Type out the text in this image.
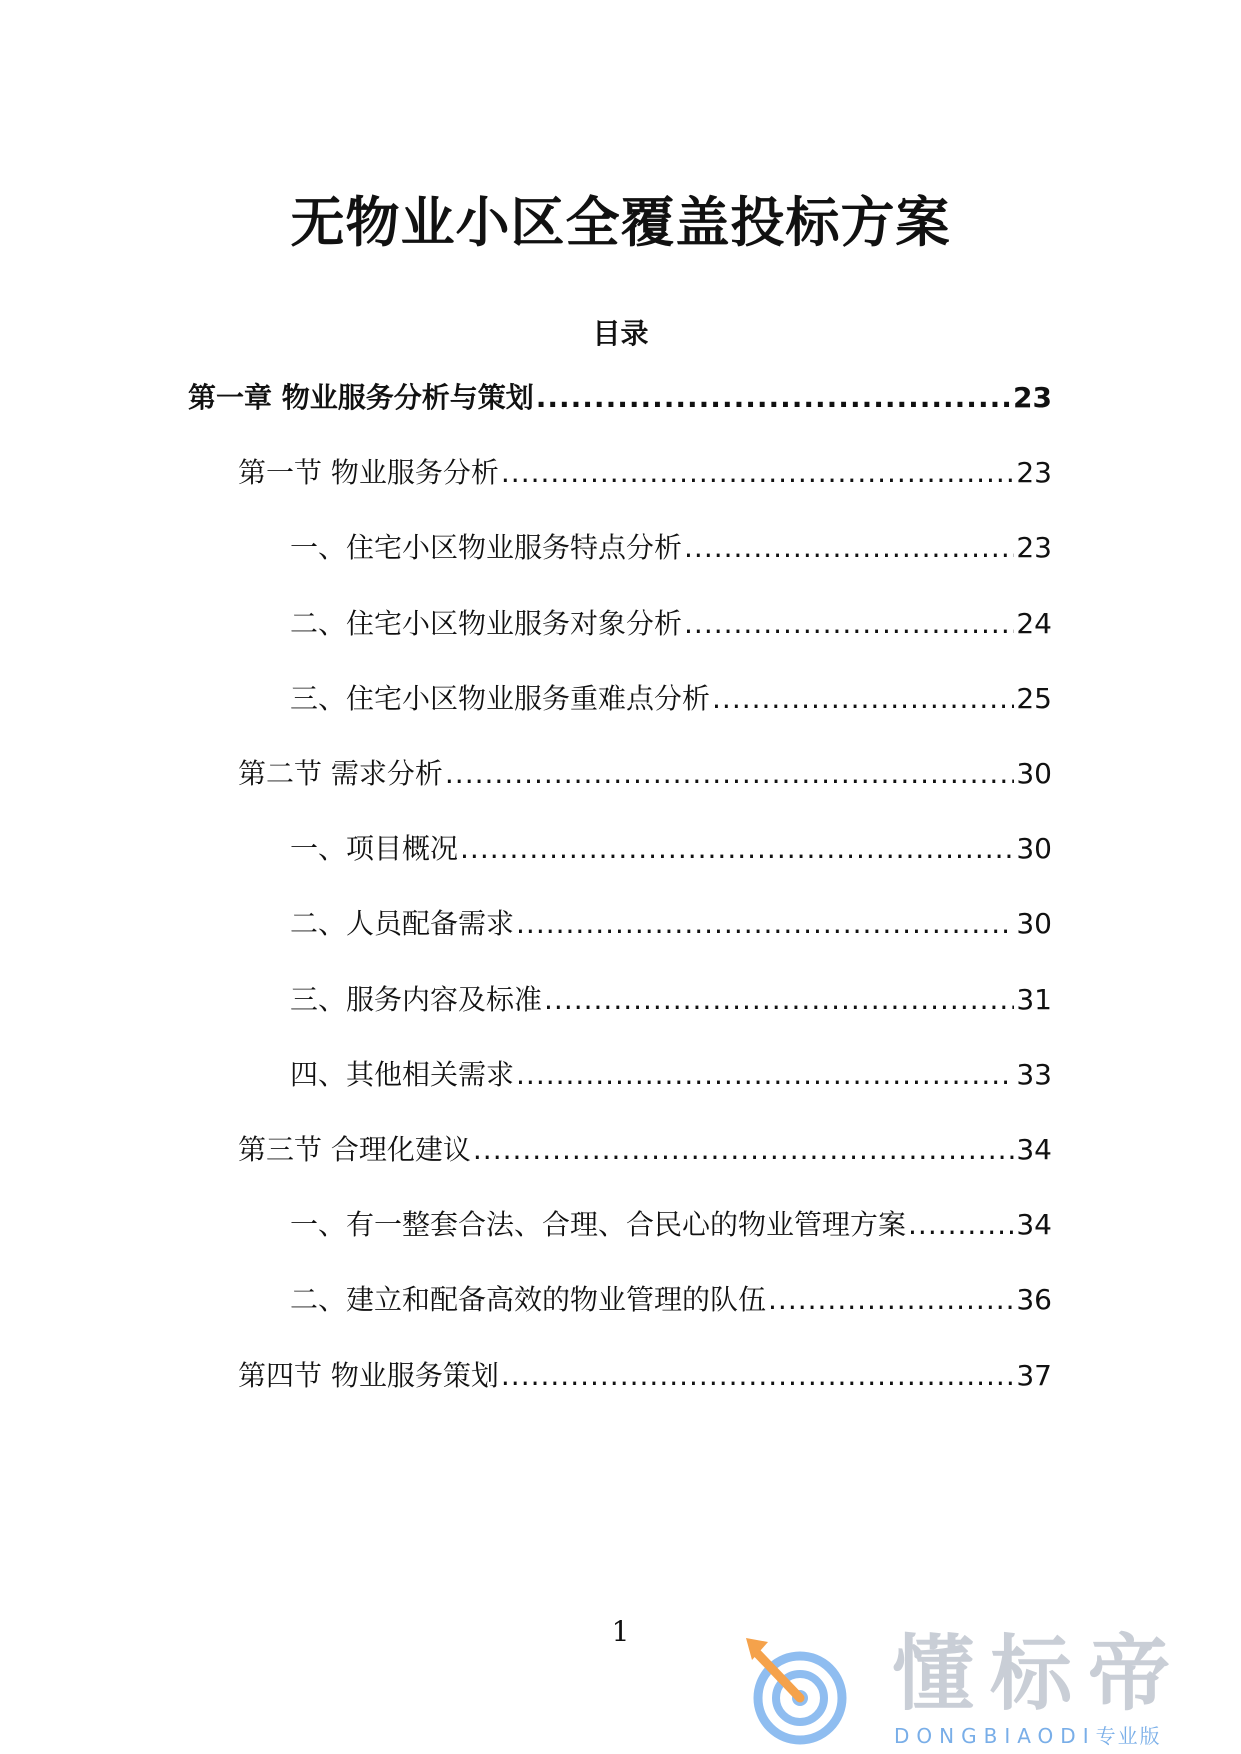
无物业小区全覆盖投标方案
目录
第一章 物业服务分析与策划 .....	23
第一节 物业服务分析 .....	23
一、住宅小区物业服务特点分析 .....	23
二、住宅小区物业服务对象分析 .....	24
三、住宅小区物业服务重难点分析 .....	25
第二节 需求分析 .....	30
一、项目概况 .....	30
二、人员配备需求 .....	30
三、服务内容及标准 .....	31
四、其他相关需求 .....	33
第三节 合理化建议 .....	34
一、有一整套合法、合理、合民心的物业管理方案 .....	34
二、建立和配备高效的物业管理的队伍 .....	36
第四节 物业服务策划 .....	37
1	懂标帝
DONGBIAODI专业版
